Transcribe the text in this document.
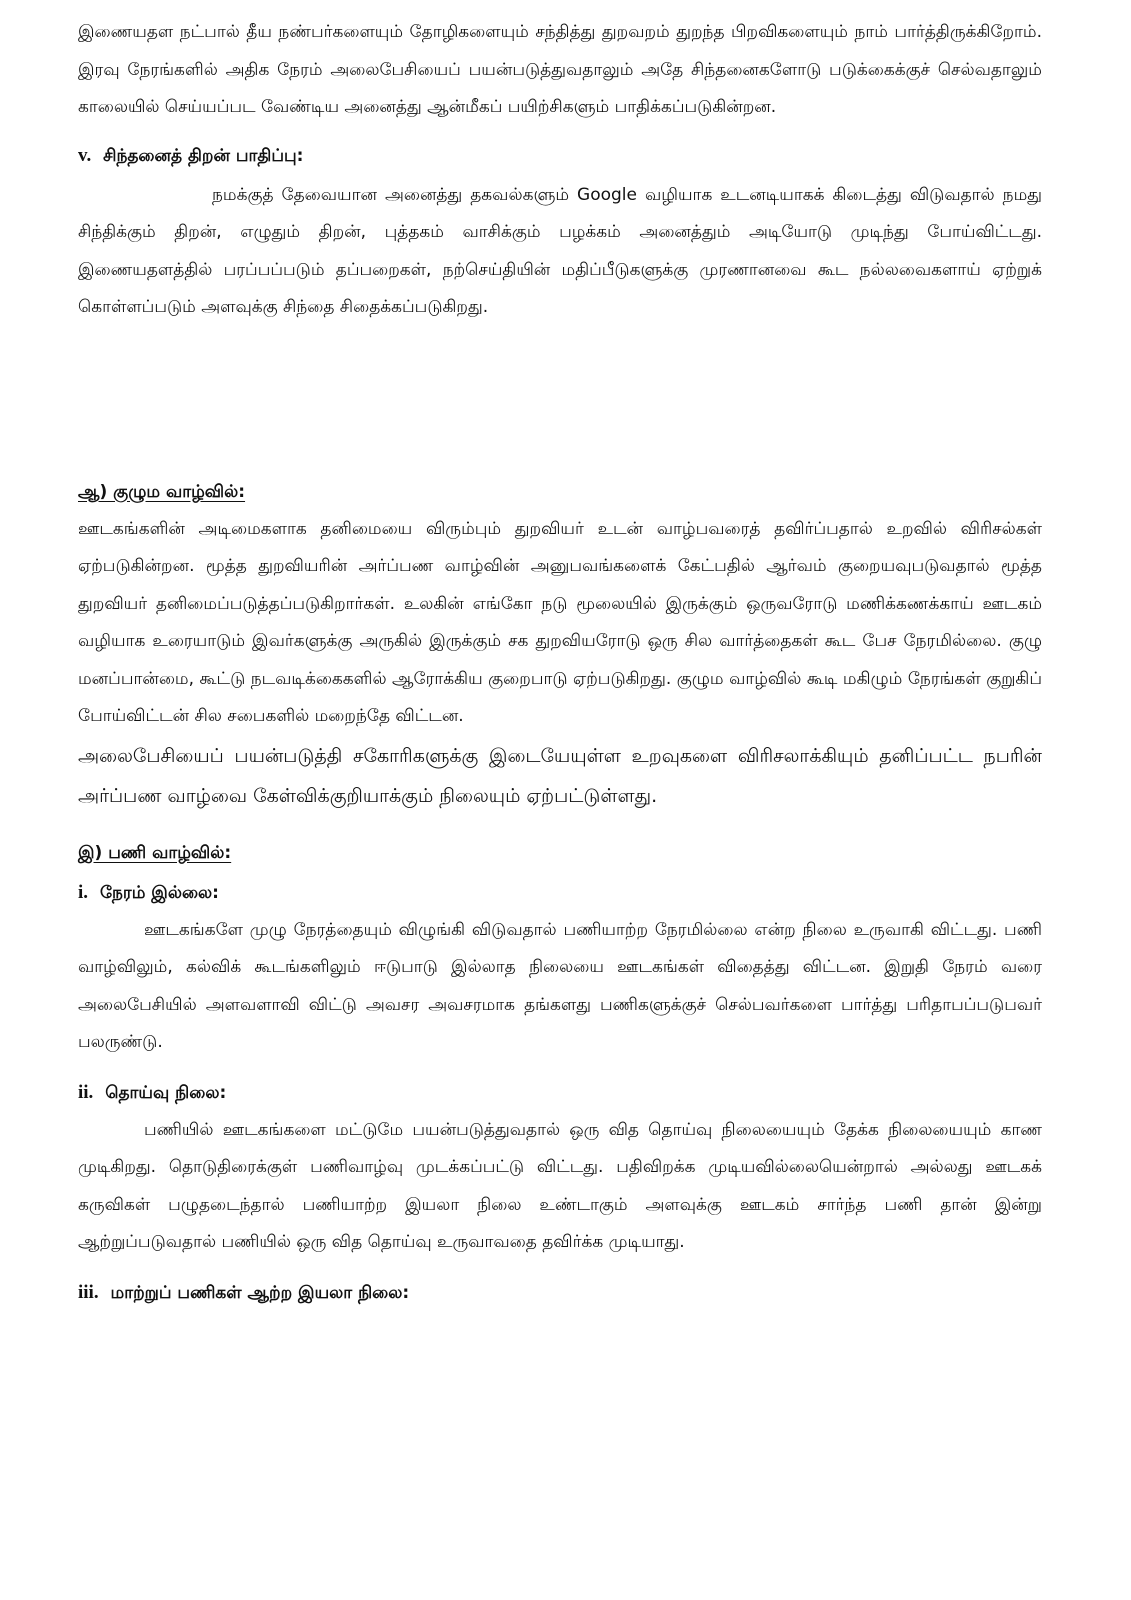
இணையதள நட்பால் தீய நண்பர்களையும் தோழிகளையும் சந்தித்து துறவறம் துறந்த பிறவிகளையும் நாம் பார்த்திருக்கிறோம். இரவு நேரங்களில் அதிக நேரம் அலைபேசியைப் பயன்படுத்துவதாலும் அதே சிந்தனைகளோடு படுக்கைக்குச் செல்வதாலும் காலையில் செய்யப்பட வேண்டிய அனைத்து ஆன்மீகப் பயிற்சிகளும் பாதிக்கப்படுகின்றன.

v. சிந்தனைத் திறன் பாதிப்பு:

நமக்குத் தேவையான அனைத்து தகவல்களும் Google வழியாக உடனடியாகக் கிடைத்து விடுவதால் நமது சிந்திக்கும் திறன், எழுதும் திறன், புத்தகம் வாசிக்கும் பழக்கம் அனைத்தும் அடியோடு முடிந்து போய்விட்டது. இணையதளத்தில் பரப்பப்படும் தப்பறைகள், நற்செய்தியின் மதிப்பீடுகளுக்கு முரணானவை கூட நல்லவைகளாய் ஏற்றுக் கொள்ளப்படும் அளவுக்கு சிந்தை சிதைக்கப்படுகிறது.

ஆ) குழும வாழ்வில்:

ஊடகங்களின் அடிமைகளாக தனிமையை விரும்பும் துறவியர் உடன் வாழ்பவரைத் தவிர்ப்பதால் உறவில் விரிசல்கள் ஏற்படுகின்றன. மூத்த துறவியரின் அர்ப்பண வாழ்வின் அனுபவங்களைக் கேட்பதில் ஆர்வம் குறையவுபடுவதால் மூத்த துறவியர் தனிமைப்படுத்தப்படுகிறார்கள். உலகின் எங்கோ நடு மூலையில் இருக்கும் ஒருவரோடு மணிக்கணக்காய் ஊடகம் வழியாக உரையாடும் இவர்களுக்கு அருகில் இருக்கும் சக துறவியரோடு ஒரு சில வார்த்தைகள் கூட பேச நேரமில்லை. குழு மனப்பான்மை, கூட்டு நடவடிக்கைகளில் ஆரோக்கிய குறைபாடு ஏற்படுகிறது. குழும வாழ்வில் கூடி மகிழும் நேரங்கள் குறுகிப் போய்விட்டன் சில சபைகளில் மறைந்தே விட்டன.

அலைபேசியைப் பயன்படுத்தி சகோரிகளுக்கு இடையேயுள்ள உறவுகளை விரிசலாக்கியும் தனிப்பட்ட நபரின் அர்ப்பண வாழ்வை கேள்விக்குறியாக்கும் நிலையும் ஏற்பட்டுள்ளது.

இ) பணி வாழ்வில்:

i. நேரம் இல்லை:

ஊடகங்களே முழு நேரத்தையும் விழுங்கி விடுவதால் பணியாற்ற நேரமில்லை என்ற நிலை உருவாகி விட்டது. பணி வாழ்விலும், கல்விக் கூடங்களிலும் ஈடுபாடு இல்லாத நிலையை ஊடகங்கள் விதைத்து விட்டன. இறுதி நேரம் வரை அலைபேசியில் அளவளாவி விட்டு அவசர அவசரமாக தங்களது பணிகளுக்குச் செல்பவர்களை பார்த்து பரிதாபப்படுபவர் பலருண்டு.

ii. தொய்வு நிலை:

பணியில் ஊடகங்களை மட்டுமே பயன்படுத்துவதால் ஒரு வித தொய்வு நிலையையும் தேக்க நிலையையும் காண முடிகிறது. தொடுதிரைக்குள் பணிவாழ்வு முடக்கப்பட்டு விட்டது. பதிவிறக்க முடியவில்லையென்றால் அல்லது ஊடகக் கருவிகள் பழுதடைந்தால் பணியாற்ற இயலா நிலை உண்டாகும் அளவுக்கு ஊடகம் சார்ந்த பணி தான் இன்று ஆற்றுப்படுவதால் பணியில் ஒரு வித தொய்வு உருவாவதை தவிர்க்க முடியாது.

iii. மாற்றுப் பணிகள் ஆற்ற இயலா நிலை:
